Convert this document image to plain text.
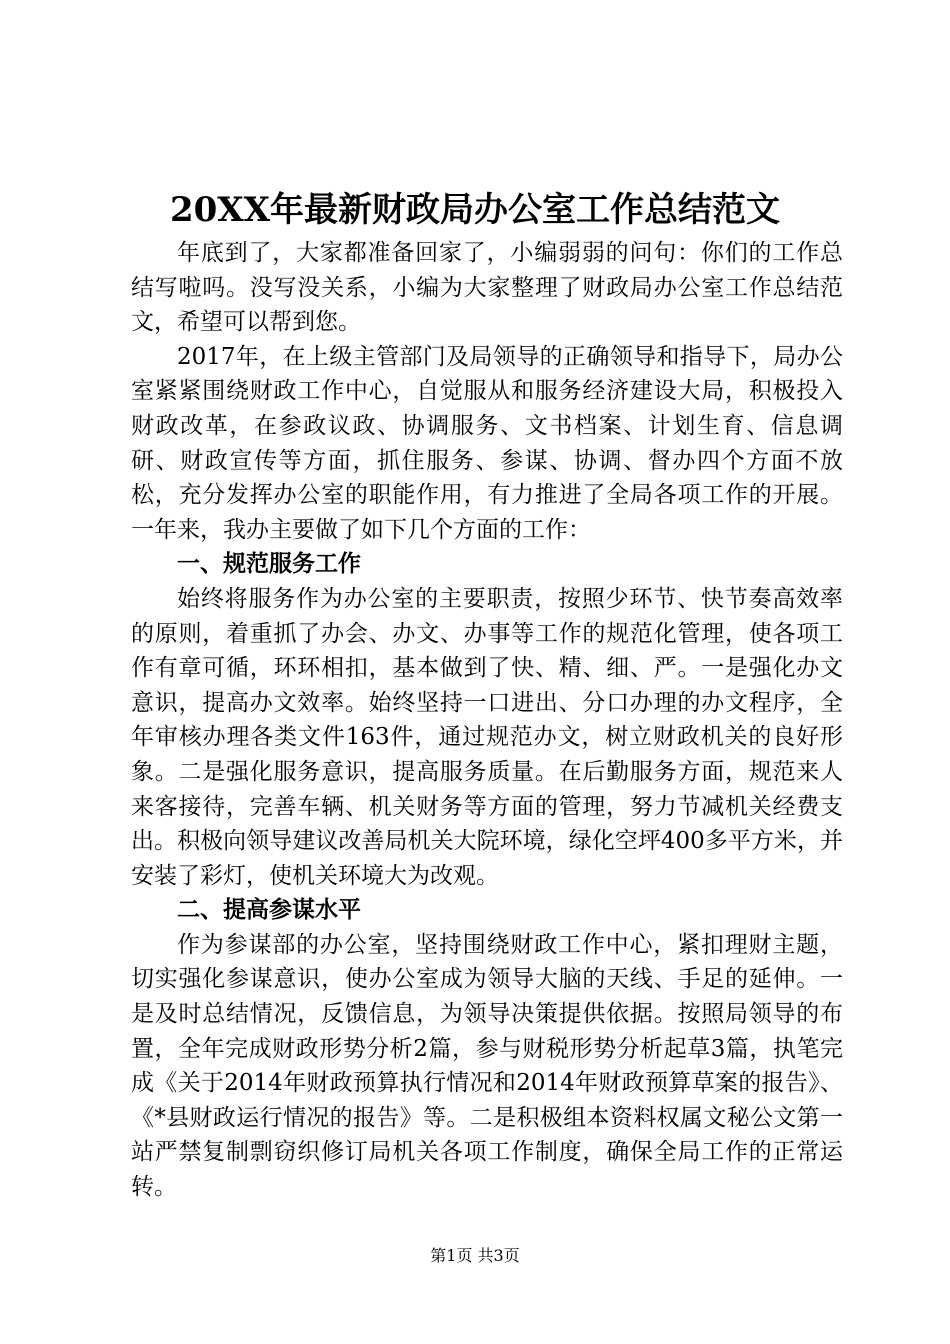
20XX年最新财政局办公室工作总结范文

年底到了，大家都准备回家了，小编弱弱的问句：你们的工作总结写啦吗。没写没关系，小编为大家整理了财政局办公室工作总结范文，希望可以帮到您。

2017年，在上级主管部门及局领导的正确领导和指导下，局办公室紧紧围绕财政工作中心，自觉服从和服务经济建设大局，积极投入财政改革，在参政议政、协调服务、文书档案、计划生育、信息调研、财政宣传等方面，抓住服务、参谋、协调、督办四个方面不放松，充分发挥办公室的职能作用，有力推进了全局各项工作的开展。一年来，我办主要做了如下几个方面的工作：

一、规范服务工作

始终将服务作为办公室的主要职责，按照少环节、快节奏高效率的原则，着重抓了办会、办文、办事等工作的规范化管理，使各项工作有章可循，环环相扣，基本做到了快、精、细、严。一是强化办文意识，提高办文效率。始终坚持一口进出、分口办理的办文程序，全年审核办理各类文件163件，通过规范办文，树立财政机关的良好形象。二是强化服务意识，提高服务质量。在后勤服务方面，规范来人来客接待，完善车辆、机关财务等方面的管理，努力节减机关经费支出。积极向领导建议改善局机关大院环境，绿化空坪400多平方米，并安装了彩灯，使机关环境大为改观。

二、提高参谋水平

作为参谋部的办公室，坚持围绕财政工作中心，紧扣理财主题，切实强化参谋意识，使办公室成为领导大脑的天线、手足的延伸。一是及时总结情况，反馈信息，为领导决策提供依据。按照局领导的布置，全年完成财政形势分析2篇，参与财税形势分析起草3篇，执笔完成《关于2014年财政预算执行情况和2014年财政预算草案的报告》、《*县财政运行情况的报告》等。二是积极组本资料权属文秘公文第一站严禁复制剽窃织修订局机关各项工作制度，确保全局工作的正常运转。

第1页 共3页
